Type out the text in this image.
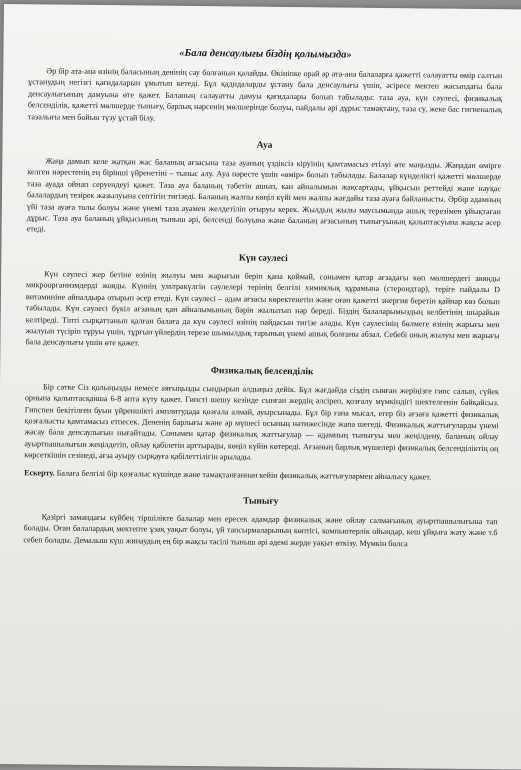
«Бала денсаулығы біздің қолымызда»

Әр бір ата-ана өзінің баласының денінің сау болғанын қалайды. Өкініпке орай әр ата-ана балаларға қажетті салауатты өмір салтын ұстанудың негізгі қағидаларын ұмытып кетеді. Бұл қадидаларды ұстану бала денсаулығы үшін, әсіресе мектеп жасындағы бала денсаулығының дамуына өте қажет. Баланың салауатты дамуы қағидалары болып табылады: таза ауа, күн сәулесі, физикалық белсенділік, қажетті мөлшерде тынығу, барлық нәрсенің мөлшерінде болуы, пайдалы әрі дұрыс тамақтану, таза су, жеке бас гигиеналық тазалығы мен бойын түзу ұстай білу.

Ауа

Жаңа дамып келе жатқан жас баланың ағзасына таза ауаның үздіксіз кіруінің қамтамасыз етілуі өте маңызды. Жаңадан өмірге келген нәрестенің ең бірінші үйренетіні – тыныс алу. Ауа нәресте үшін «өмір» болып табылады. Балалар күнделікті қажетті мөлшерде таза ауада ойнап серуендеуі қажет. Таза ауа баланың тәбетін ашып, кан айналымын жақсартады, ұйқысын реттейді және науқас балалардың тезірек жазылуына септігін тигізеді. Баланың жалпы көңіл күйі мен жалпы жағдайы таза ауаға байланысты. Әрбір адамның үйі таза ауаға толы болуы және үнемі таза ауамен желдетіліп отыруы керек. Жылдың жылы маусымында ашық терезімен ұйықтаған дұрыс. Таза ауа баланың ұйқысының тыныш әрі, белсенді болуына және баланың ағзасының тынығуының қалыптасуына жақсы әсер етеді.

Күн сәулесі

Күн сәулесі жер бетіне өзінің жылуы мен жарығын беріп қана қоймай, сонымен қатар ағзадағы көп мөлшердегі зиянды микроорганизмдерді жояды. Күннің ультракүлгін сәулелері терінің белгілі химиялық құрамына (стероидтар), теріге пайдалы D витаминіне айналдыра отырып әсер етеді. Күн сәулесі – адам ағзасы көректенетін және оған қажетті энергия беретін қайнар көз болып табылады. Күн сәулесі бүкіл ағзаның қан айналымының бәрін жылытып нәр береді. Біздің балаларымыздың келбетінің шырайын келтіреді. Тіпті сырқаттанып қалған балаға да күн сәулесі өзінің пайдасын тигізе алады. Күн сәулесінің бөлмеге өзінің жарығы мен жылуын түсіріп тұруы үшін, тұрғын үйлердің терезе шымылдық тарының үнемі ашық болғаны абзал. Себебі оның жылуы мен жарығы бала денсаулығы үшін өте қажет.

Физикалық белсенділік

Бір сәтке Сіз қолыңызды немесе аяғыңызды сындырып алдыңыз дейік. Бұл жағдайда сіздің сынған жеріңізге гипс салып, сүйек орнына қалыптасқанша 6-8 апта күту қажет. Гипсті шешу кезінде сынған жердің әлсіреп, қозғалу мүмкіндігі шектелгенін байқайсыз. Гипспен бекітілген буын үйреншікті амплитудада қозғала алмай, ауырсынады. Бұл бір ғана мысал, егер біз ағзаға қажетті физикалық қозғалысты қамтамасыз етпесек. Дененің барлығы және әр мүшесі осының нәтижесінде жапа шегеді. Физикалық жаттығуларды үнемі жасау бала денсаулығын нығайтады. Сонымен қатар физикалық жаттығулар — адамның тынығуы мен жеңілдену, баланың ойлау ауыртпашылығын жеңілдетіп, ойлау қабілетін арттырады, көңіл күйін көтереді. Ағзаның барлық мүшелері физикалық белсенділіктің оң көрсеткішін сезінеді, ағза ауыру сырқауға қабілеттілігін арылады.

Ескерту. Балаға белгілі бір қозғалыс күшінде және тамақтанғаннан кейін физикалық жаттығулармен айналысу қажет.

Тынығу

Қазіргі замандағы күйбең тіршілікте балалар мен ересек адамдар физикалық және ойлау салмағының ауыртпашылығына тап болады. Оған балалардың мектепте ұзақ уақыт болуы, үй тапсырмаларының көптігі, компьютерлік ойындар, кеш ұйқыға жату және т.б себеп болады. Демалыш күш жинаудың ең бір жақсы тәсілі тыныш әрі әдемі жерде уақыт өткізу. Мүмкін болса
